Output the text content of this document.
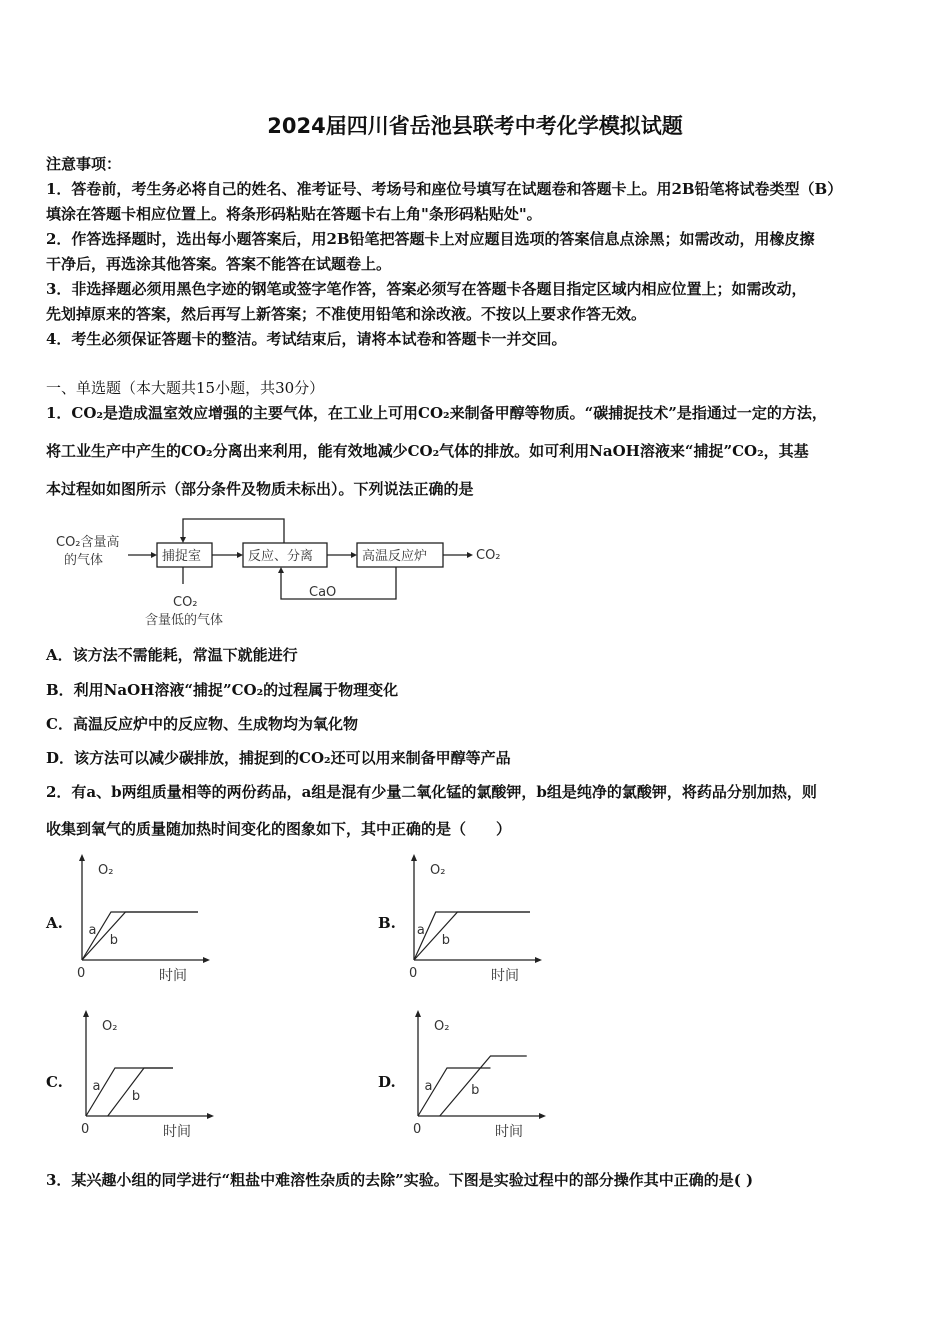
2024届四川省岳池县联考中考化学模拟试题
注意事项：
1．答卷前，考生务必将自己的姓名、准考证号、考场号和座位号填写在试题卷和答题卡上。用2B铅笔将试卷类型（B）
填涂在答题卡相应位置上。将条形码粘贴在答题卡右上角"条形码粘贴处"。
2．作答选择题时，选出每小题答案后，用2B铅笔把答题卡上对应题目选项的答案信息点涂黑；如需改动，用橡皮擦
干净后，再选涂其他答案。答案不能答在试题卷上。
3．非选择题必须用黑色字迹的钢笔或签字笔作答，答案必须写在答题卡各题目指定区域内相应位置上；如需改动，
先划掉原来的答案，然后再写上新答案；不准使用铅笔和涂改液。不按以上要求作答无效。
4．考生必须保证答题卡的整洁。考试结束后，请将本试卷和答题卡一并交回。
一、单选题（本大题共15小题，共30分）
1．CO₂是造成温室效应增强的主要气体，在工业上可用CO₂来制备甲醇等物质。“碳捕捉技术”是指通过一定的方法，
将工业生产中产生的CO₂分离出来利用，能有效地减少CO₂气体的排放。如可利用NaOH溶液来“捕捉”CO₂，其基
本过程如如图所示（部分条件及物质未标出）。下列说法正确的是
CO₂含量高
的气体	捕捉室	反应、分离	高温反应炉	CO₂
CaO
CO₂
含量低的气体
A．该方法不需能耗，常温下就能进行
B．利用NaOH溶液“捕捉”CO₂的过程属于物理变化
C．高温反应炉中的反应物、生成物均为氧化物
D．该方法可以减少碳排放，捕捉到的CO₂还可以用来制备甲醇等产品
2．有a、b两组质量相等的两份药品，a组是混有少量二氧化锰的氯酸钾，b组是纯净的氯酸钾，将药品分别加热，则
收集到氧气的质量随加热时间变化的图象如下，其中正确的是（　　）
A.	B.
C.	D.
O₂
时间
0
a
b
O₂
时间
0
a
b
O₂
时间
0
a
b
O₂
时间
0
a	b
3．某兴趣小组的同学进行“粗盐中难溶性杂质的去除”实验。下图是实验过程中的部分操作其中正确的是( )
